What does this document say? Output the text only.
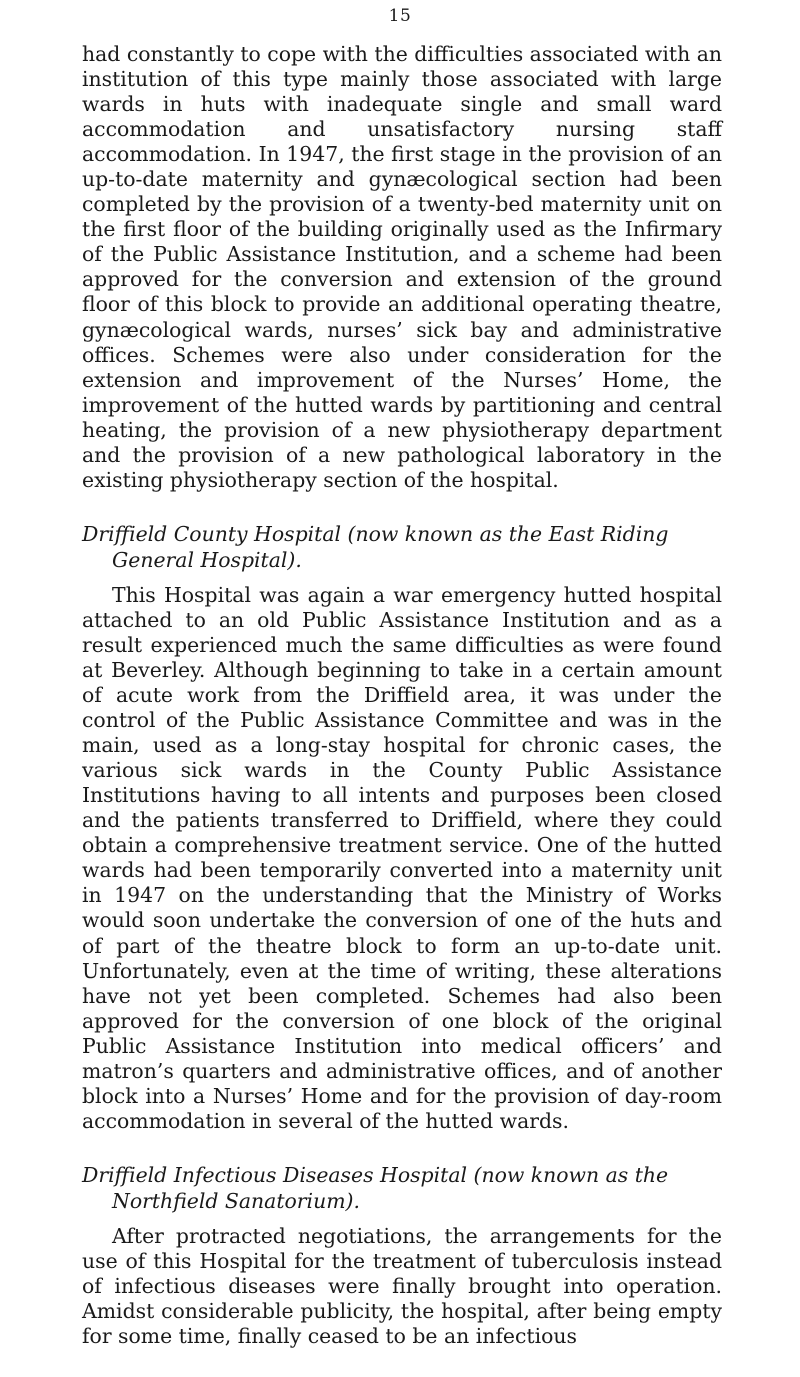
15

had constantly to cope with the difficulties associated with an institution of this type mainly those associated with large wards in huts with inadequate single and small ward accommodation and unsatisfactory nursing staff accommodation. In 1947, the first stage in the provision of an up-to-date maternity and gynæcological section had been completed by the provision of a twenty-bed maternity unit on the first floor of the building originally used as the Infirmary of the Public Assistance Institution, and a scheme had been approved for the conversion and extension of the ground floor of this block to provide an additional operating theatre, gynæcological wards, nurses’ sick bay and administrative offices. Schemes were also under consideration for the extension and improvement of the Nurses’ Home, the improvement of the hutted wards by partitioning and central heating, the provision of a new physiotherapy department and the provision of a new pathological laboratory in the existing physiotherapy section of the hospital.

Driffield County Hospital (now known as the East Riding General Hospital).

This Hospital was again a war emergency hutted hospital attached to an old Public Assistance Institution and as a result experienced much the same difficulties as were found at Beverley. Although beginning to take in a certain amount of acute work from the Driffield area, it was under the control of the Public Assistance Committee and was in the main, used as a long-stay hospital for chronic cases, the various sick wards in the County Public Assistance Institutions having to all intents and purposes been closed and the patients transferred to Driffield, where they could obtain a comprehensive treatment service. One of the hutted wards had been temporarily converted into a maternity unit in 1947 on the understanding that the Ministry of Works would soon undertake the conversion of one of the huts and of part of the theatre block to form an up-to-date unit. Unfortunately, even at the time of writing, these alterations have not yet been completed. Schemes had also been approved for the conversion of one block of the original Public Assistance Institution into medical officers’ and matron’s quarters and administrative offices, and of another block into a Nurses’ Home and for the provision of day-room accommodation in several of the hutted wards.

Driffield Infectious Diseases Hospital (now known as the Northfield Sanatorium).

After protracted negotiations, the arrangements for the use of this Hospital for the treatment of tuberculosis instead of infectious diseases were finally brought into operation. Amidst considerable publicity, the hospital, after being empty for some time, finally ceased to be an infectious
